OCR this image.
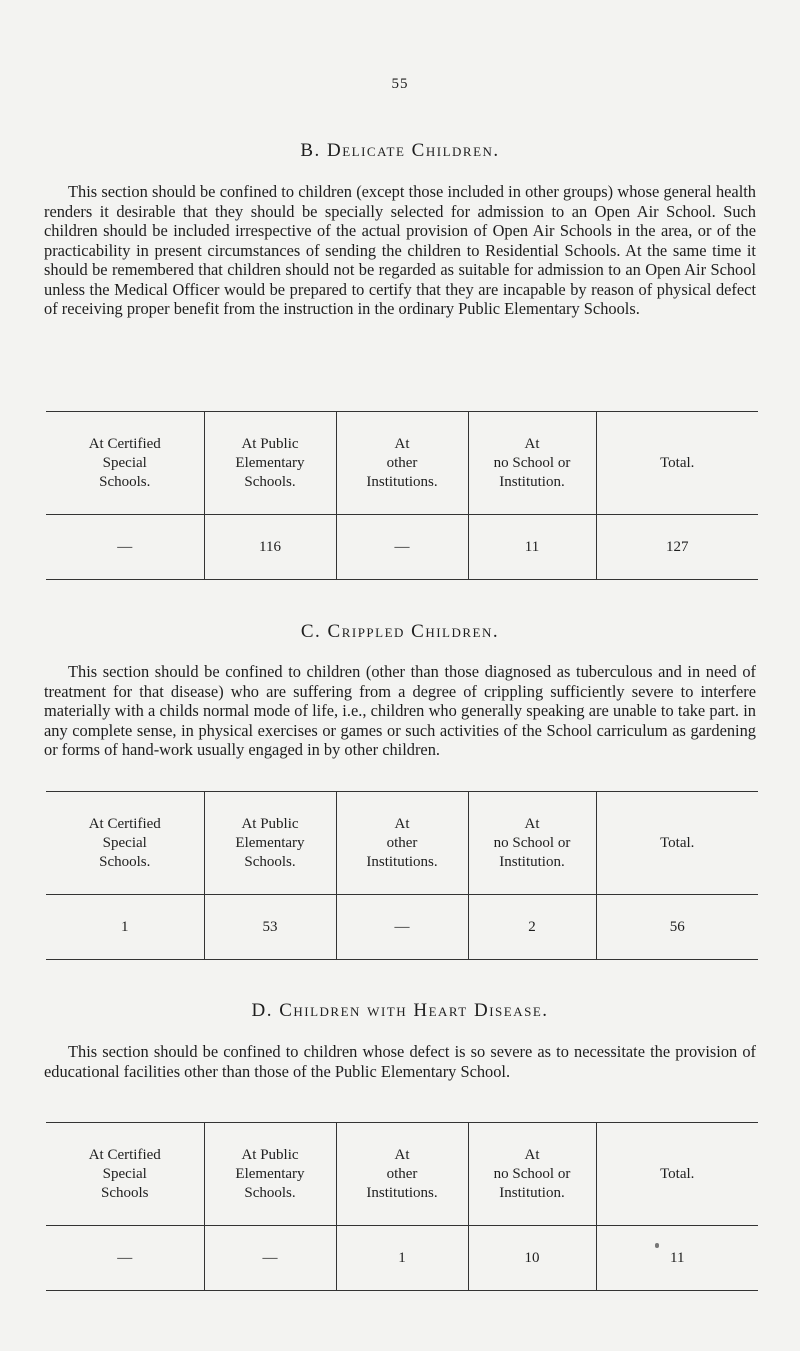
55
B. Delicate Children.

This section should be confined to children (except those included in other groups) whose general health renders it desirable that they should be specially selected for admission to an Open Air School. Such children should be included irrespective of the actual provision of Open Air Schools in the area, or of the practicability in present circumstances of sending the children to Residential Schools. At the same time it should be remembered that children should not be regarded as suitable for admission to an Open Air School unless the Medical Officer would be prepared to certify that they are incapable by reason of physical defect of receiving proper benefit from the instruction in the ordinary Public Elementary Schools.

At Certified
Special
Schools.	At Public
Elementary
Schools.	At
other
Institutions.	At
no School or
Institution.	Total.
—	116	—	11	127
C. Crippled Children.

This section should be confined to children (other than those diagnosed as tuberculous and in need of treatment for that disease) who are suffering from a degree of crippling sufficiently severe to interfere materially with a childs normal mode of life, i.e., children who generally speaking are unable to take part. in any complete sense, in physical exercises or games or such activities of the School carriculum as gardening or forms of hand-work usually engaged in by other children.

At Certified
Special
Schools.	At Public
Elementary
Schools.	At
other
Institutions.	At
no School or
Institution.	Total.
1	53	—	2	56
D. Children with Heart Disease.

This section should be confined to children whose defect is so severe as to necessitate the provision of educational facilities other than those of the Public Elementary School.

At Certified
Special
Schools	At Public
Elementary
Schools.	At
other
Institutions.	At
no School or
Institution.	Total.
—	—	1	10	11
